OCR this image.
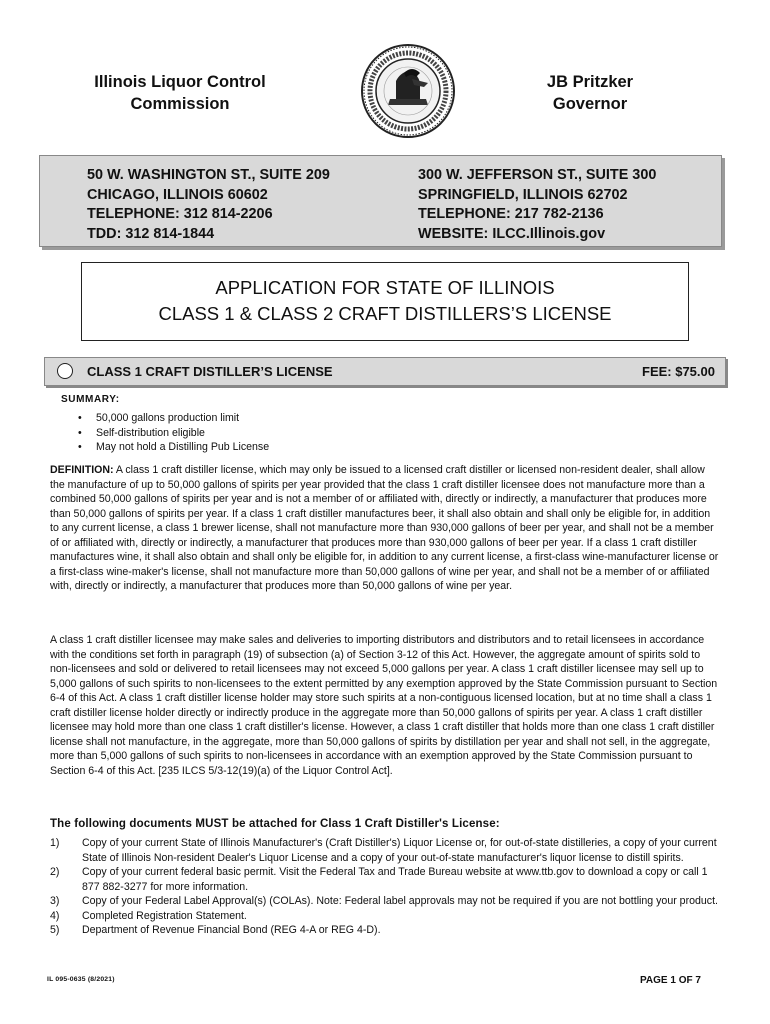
Illinois Liquor Control
Commission
JB Pritzker
Governor
50 W. WASHINGTON ST., SUITE 209
CHICAGO, ILLINOIS 60602
TELEPHONE: 312 814-2206
TDD: 312 814-1844
300 W. JEFFERSON ST., SUITE 300
SPRINGFIELD, ILLINOIS 62702
TELEPHONE: 217 782-2136
WEBSITE: ILCC.Illinois.gov
APPLICATION FOR STATE OF ILLINOIS
CLASS 1 & CLASS 2 CRAFT DISTILLERS’S LICENSE
CLASS 1 CRAFT DISTILLER’S LICENSE	FEE: $75.00
SUMMARY:
• 50,000 gallons production limit
• Self-distribution eligible
• May not hold a Distilling Pub License
DEFINITION: A class 1 craft distiller license, which may only be issued to a licensed craft distiller or licensed non-resident dealer, shall allow the manufacture of up to 50,000 gallons of spirits per year provided that the class 1 craft distiller licensee does not manufacture more than a combined 50,000 gallons of spirits per year and is not a member of or affiliated with, directly or indirectly, a manufacturer that produces more than 50,000 gallons of spirits per year. If a class 1 craft distiller manufactures beer, it shall also obtain and shall only be eligible for, in addition to any current license, a class 1 brewer license, shall not manufacture more than 930,000 gallons of beer per year, and shall not be a member of or affiliated with, directly or indirectly, a manufacturer that produces more than 930,000 gallons of beer per year. If a class 1 craft distiller manufactures wine, it shall also obtain and shall only be eligible for, in addition to any current license, a first-class wine-manufacturer license or a first-class wine-maker's license, shall not manufacture more than 50,000 gallons of wine per year, and shall not be a member of or affiliated with, directly or indirectly, a manufacturer that produces more than 50,000 gallons of wine per year.
A class 1 craft distiller licensee may make sales and deliveries to importing distributors and distributors and to retail licensees in accordance with the conditions set forth in paragraph (19) of subsection (a) of Section 3-12 of this Act. However, the aggregate amount of spirits sold to non-licensees and sold or delivered to retail licensees may not exceed 5,000 gallons per year. A class 1 craft distiller licensee may sell up to 5,000 gallons of such spirits to non-licensees to the extent permitted by any exemption approved by the State Commission pursuant to Section 6-4 of this Act. A class 1 craft distiller license holder may store such spirits at a non-contiguous licensed location, but at no time shall a class 1 craft distiller license holder directly or indirectly produce in the aggregate more than 50,000 gallons of spirits per year. A class 1 craft distiller licensee may hold more than one class 1 craft distiller's license. However, a class 1 craft distiller that holds more than one class 1 craft distiller license shall not manufacture, in the aggregate, more than 50,000 gallons of spirits by distillation per year and shall not sell, in the aggregate, more than 5,000 gallons of such spirits to non-licensees in accordance with an exemption approved by the State Commission pursuant to Section 6-4 of this Act. [235 ILCS 5/3-12(19)(a) of the Liquor Control Act].
The following documents MUST be attached for Class 1 Craft Distiller's License:
1)	Copy of your current State of Illinois Manufacturer's (Craft Distiller's) Liquor License or, for out-of-state distilleries, a copy of your current State of Illinois Non-resident Dealer's Liquor License and a copy of your out-of-state manufacturer's liquor license to distill spirits.
2)	Copy of your current federal basic permit. Visit the Federal Tax and Trade Bureau website at www.ttb.gov to download a copy or call 1 877 882-3277 for more information.
3)	Copy of your Federal Label Approval(s) (COLAs). Note: Federal label approvals may not be required if you are not bottling your product.
4)	Completed Registration Statement.
5)	Department of Revenue Financial Bond (REG 4-A or REG 4-D).
IL 095-0635 (8/2021)	PAGE 1 OF 7
